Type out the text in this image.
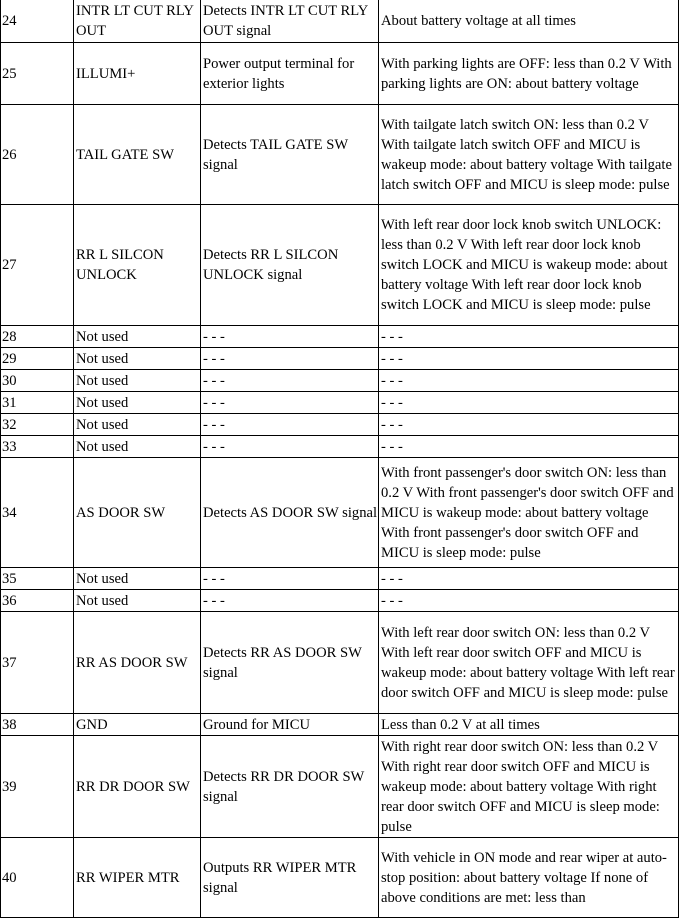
24	INTR LT CUT RLY OUT	Detects INTR LT CUT RLY OUT signal	About battery voltage at all times
25	ILLUMI+	Power output terminal for exterior lights	With parking lights are OFF: less than 0.2 V With parking lights are ON: about battery voltage
26	TAIL GATE SW	Detects TAIL GATE SW signal	With tailgate latch switch ON: less than 0.2 V With tailgate latch switch OFF and MICU is wakeup mode: about battery voltage With tailgate latch switch OFF and MICU is sleep mode: pulse
27	RR L SILCON UNLOCK	Detects RR L SILCON UNLOCK signal	With left rear door lock knob switch UNLOCK: less than 0.2 V With left rear door lock knob switch LOCK and MICU is wakeup mode: about battery voltage With left rear door lock knob switch LOCK and MICU is sleep mode: pulse
28	Not used	- - -	- - -
29	Not used	- - -	- - -
30	Not used	- - -	- - -
31	Not used	- - -	- - -
32	Not used	- - -	- - -
33	Not used	- - -	- - -
34	AS DOOR SW	Detects AS DOOR SW signal	With front passenger's door switch ON: less than 0.2 V With front passenger's door switch OFF and MICU is wakeup mode: about battery voltage With front passenger's door switch OFF and MICU is sleep mode: pulse
35	Not used	- - -	- - -
36	Not used	- - -	- - -
37	RR AS DOOR SW	Detects RR AS DOOR SW signal	With left rear door switch ON: less than 0.2 V With left rear door switch OFF and MICU is wakeup mode: about battery voltage With left rear door switch OFF and MICU is sleep mode: pulse
38	GND	Ground for MICU	Less than 0.2 V at all times
39	RR DR DOOR SW	Detects RR DR DOOR SW signal	With right rear door switch ON: less than 0.2 V With right rear door switch OFF and MICU is wakeup mode: about battery voltage With right rear door switch OFF and MICU is sleep mode: pulse
40	RR WIPER MTR	Outputs RR WIPER MTR signal	With vehicle in ON mode and rear wiper at auto-stop position: about battery voltage If none of above conditions are met: less than
